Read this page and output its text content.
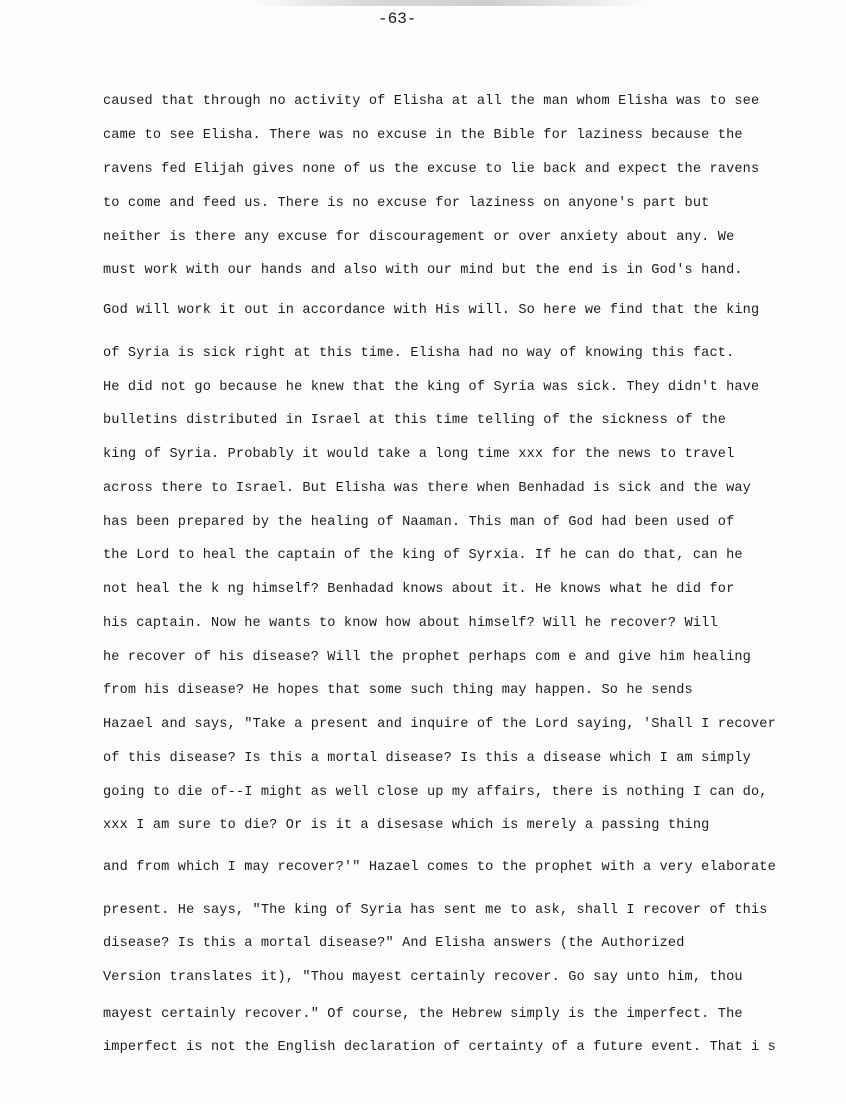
-63-
caused that through no activity of Elisha at all the man whom Elisha was to see
came to see Elisha. There was no excuse in the Bible for laziness because the
ravens fed Elijah gives none of us the excuse to lie back and expect the ravens
to come and feed us. There is no excuse for laziness on anyone's part but
neither is there any excuse for discouragement or over anxiety about any. We
must work with our hands and also with our mind but the end is in God's hand.
God will work it out in accordance with His will. So here we find that the king
of Syria is sick right at this time. Elisha had no way of knowing this fact.
He did not go because he knew that the king of Syria was sick. They didn't have
bulletins distributed in Israel at this time telling of the sickness of the
king of Syria. Probably it would take a long time xxx for the news to travel
across there to Israel. But Elisha was there when Benhadad is sick and the way
has been prepared by the healing of Naaman. This man of God had been used of
the Lord to heal the captain of the king of Syrxia. If he can do that, can he
not heal the k ng himself? Benhadad knows about it. He knows what he did for
his captain. Now he wants to know how about himself? Will he recover? Will
he recover of his disease? Will the prophet perhaps com e and give him healing
from his disease? He hopes that some such thing may happen. So he sends
Hazael and says, "Take a present and inquire of the Lord saying, 'Shall I recover
of this disease? Is this a mortal disease? Is this a disease which I am simply
going to die of--I might as well close up my affairs, there is nothing I can do,
xxx I am sure to die? Or is it a disesase which is merely a passing thing
and from which I may recover?'" Hazael comes to the prophet with a very elaborate
present. He says, "The king of Syria has sent me to ask, shall I recover of this
disease? Is this a mortal disease?" And Elisha answers (the Authorized
Version translates it), "Thou mayest certainly recover. Go say unto him, thou
mayest certainly recover." Of course, the Hebrew simply is the imperfect. The
imperfect is not the English declaration of certainty of a future event. That i s
